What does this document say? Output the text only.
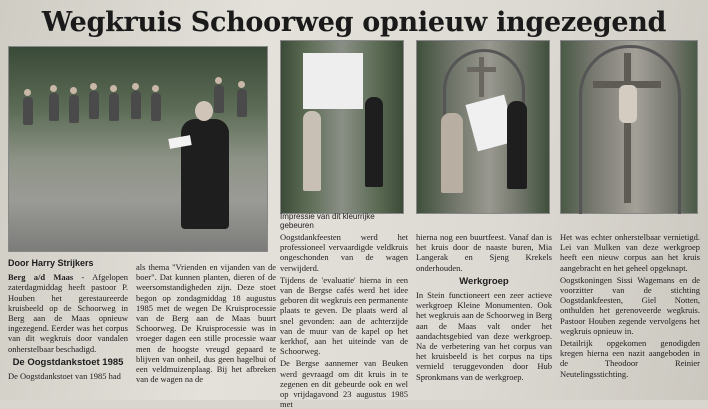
Wegkruis Schoorweg opnieuw ingezegend
Impressie van dit kleurrijke gebeuren
Door Harry Strijkers

Berg a/d Maas - Afgelopen zaterdagmiddag heeft pastoor P. Houben het gerestaureerde kruisbeeld op de Schoorweg in Berg aan de Maas opnieuw ingezegend. Eerder was het corpus van dit wegkruis door vandalen onherstelbaar beschadigd.

De Oogstdankstoet 1985

De Oogstdankstoet van 1985 had

als thema "Vrienden en vijanden van de boer". Dat kunnen planten, dieren of de weersomstandigheden zijn. Deze stoet begon op zondagmiddag 18 augustus 1985 met de wegen De Kruisprocessie van de Berg aan de Maas buurt Schoorweg. De Kruisprocessie was in vroeger dagen een stille processie waar men de hoogste vreugd gepaard te blijven van onheil, dus geen hagelbui of een veldmuizenplaag. Bij het afbreken van de wagen na de

Oogstdankfeesten werd het professioneel vervaardigde veldkruis ongeschonden van de wagen verwijderd.

Tijdens de 'evaluatie' hierna in een van de Bergse cafés werd het idee geboren dit wegkruis een permanente plaats te geven. De plaats werd al snel gevonden: aan de achterzijde van de muur van de kapel op het kerkhof, aan het uiteinde van de Schoorweg.

De Bergse aannemer van Beuken werd gevraagd om dit kruis in te zegenen en dit gebeurde ook en wel op vrijdagavond 23 augustus 1985 met

hierna nog een buurtfeest. Vanaf dan is het kruis door de naaste buren, Mia Langerak en Sjeng Krekels onderhouden.

Werkgroep

In Stein functioneert een zeer actieve werkgroep Kleine Monumenten. Ook het wegkruis aan de Schoorweg in Berg aan de Maas valt onder het aandachtsgebied van deze werkgroep. Na de verbetering van het corpus van het kruisbeeld is het corpus na tips vernield teruggevonden door Hub Spronkmans van de werkgroep.

Het was echter onherstelbaar vernietigd. Lei van Mulken van deze werkgroep heeft een nieuw corpus aan het kruis aangebracht en het geheel opgeknapt.

Oogstkoningen Sissi Wagemans en de voorzitter van de stichting Oogstdankfeesten, Giel Notten, onthulden het gerenoveerde wegkruis. Pastoor Houben zegende vervolgens het wegkruis opnieuw in.

Detailrijk opgekomen genodigden kregen hierna een nazit aangeboden in de Theodoor Reinier Neutelingsstichting.
